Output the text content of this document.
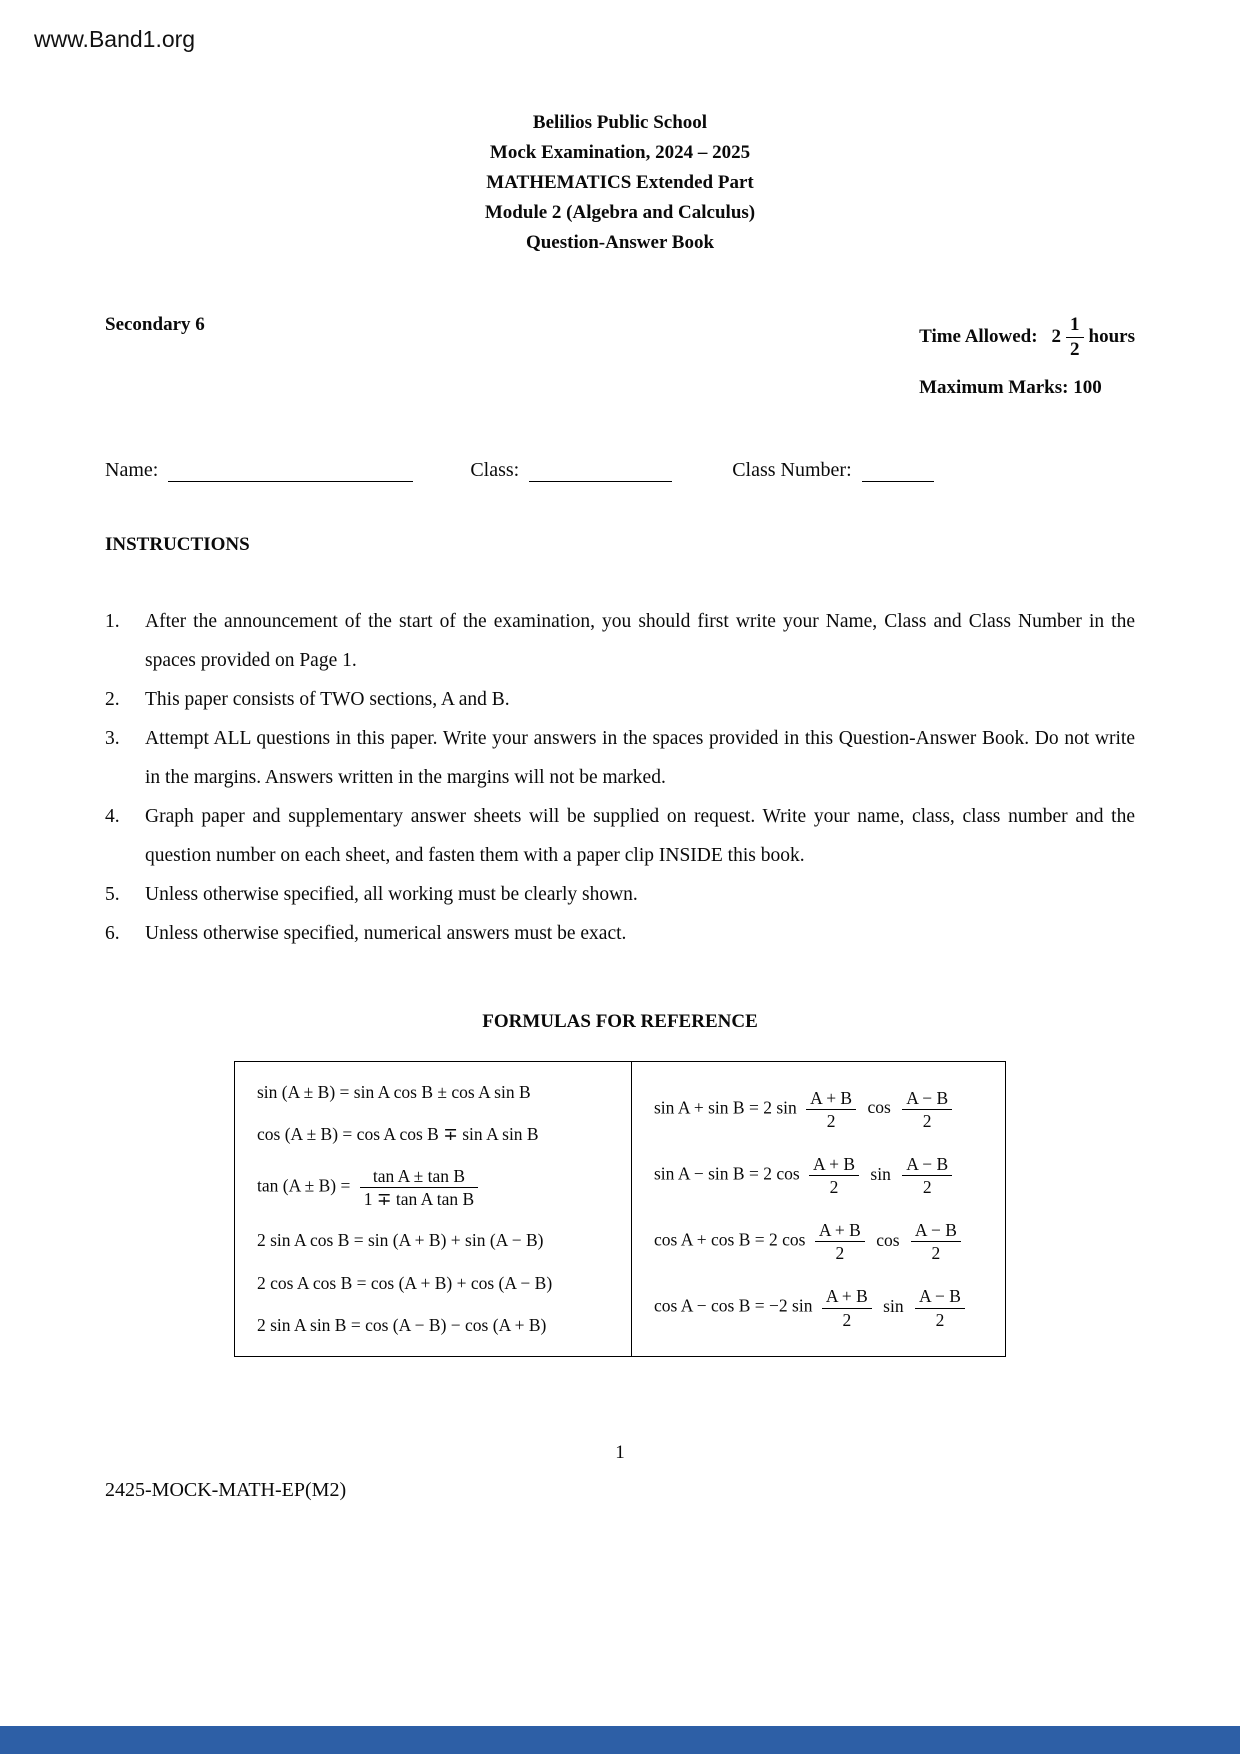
www.Band1.org
Belilios Public School
Mock Examination, 2024 – 2025
MATHEMATICS Extended Part
Module 2 (Algebra and Calculus)
Question-Answer Book
Secondary 6
Time Allowed: $2 \frac{1}{2}$ hours
Maximum Marks: 100
Name:	Class:	Class Number:
INSTRUCTIONS
1.	After the announcement of the start of the examination, you should first write your Name, Class and Class Number in the spaces provided on Page 1.
2.	This paper consists of TWO sections, A and B.
3.	Attempt ALL questions in this paper. Write your answers in the spaces provided in this Question-Answer Book. Do not write in the margins. Answers written in the margins will not be marked.
4.	Graph paper and supplementary answer sheets will be supplied on request. Write your name, class, class number and the question number on each sheet, and fasten them with a paper clip INSIDE this book.
5.	Unless otherwise specified, all working must be clearly shown.
6.	Unless otherwise specified, numerical answers must be exact.
FORMULAS FOR REFERENCE
sin (A ± B) = sin A cos B ± cos A sin B
cos (A ± B) = cos A cos B ∓ sin A sin B
$\tan (A \pm B) = \frac{\text{tan A ± tan B}}{\text{1 ∓ tan A tan B}}$
2 sin A cos B = sin (A + B) + sin (A − B)
2 cos A cos B = cos (A + B) + cos (A − B)
2 sin A sin B = cos (A − B) − cos (A + B)
sin A + sin B = 2 $\sin \frac{A + B}{2}$ $\cos \frac{A - B}{2}$
sin A − sin B = 2 $\cos \frac{A + B}{2}$ $\sin \frac{A - B}{2}$
cos A + cos B = 2 $\cos \frac{A + B}{2}$ $\cos \frac{A - B}{2}$
cos A − cos B = −2 $\sin \frac{A + B}{2}$ $\sin \frac{A - B}{2}$
1
2425-MOCK-MATH-EP(M2)
